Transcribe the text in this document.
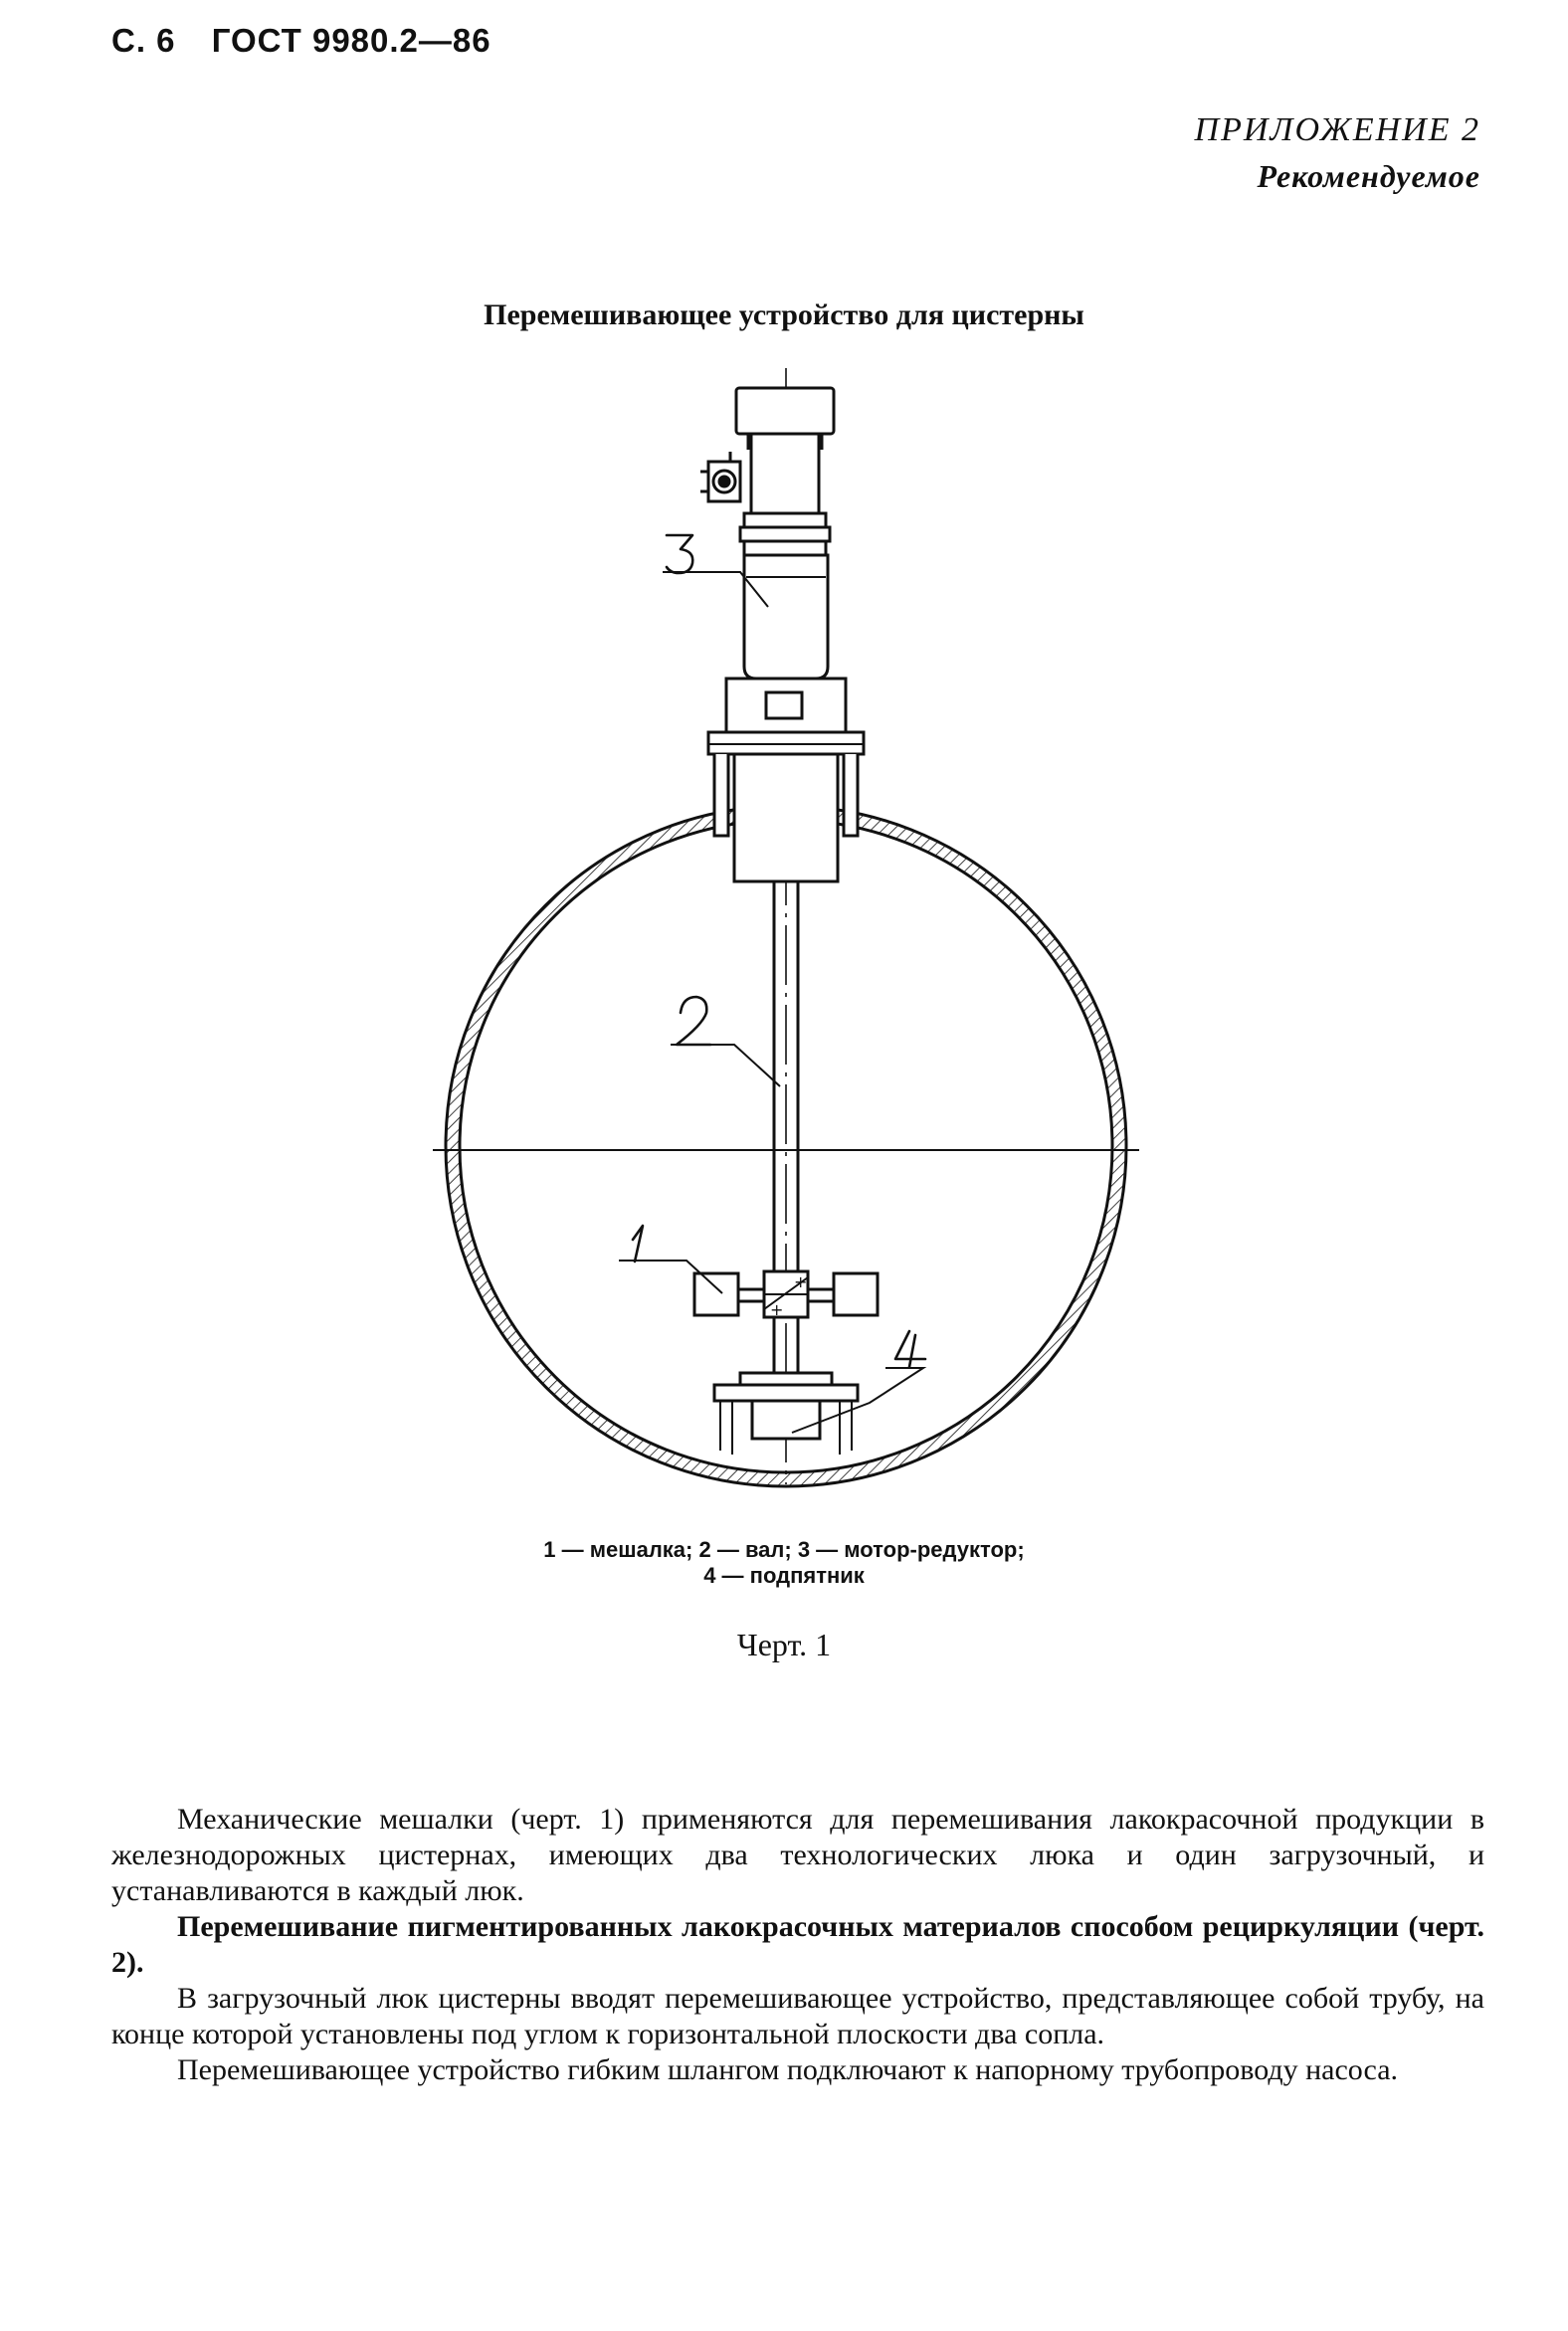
С. 6 ГОСТ 9980.2—86
ПРИЛОЖЕНИЕ 2
Рекомендуемое
Перемешивающее устройство для цистерны
+
+
1 — мешалка; 2 — вал; 3 — мотор-редуктор;
4 — подпятник
Черт. 1
Механические мешалки (черт. 1) применяются для перемешивания лакокрасочной продукции в железнодорожных цистернах, имеющих два технологических люка и один загрузочный, и устанавливаются в каждый люк.
Перемешивание пигментированных лакокрасочных материалов способом рециркуляции (черт. 2).
В загрузочный люк цистерны вводят перемешивающее устройство, представляющее собой трубу, на конце которой установлены под углом к горизонтальной плоскости два сопла.
Перемешивающее устройство гибким шлангом подключают к напорному трубопроводу насоса.
